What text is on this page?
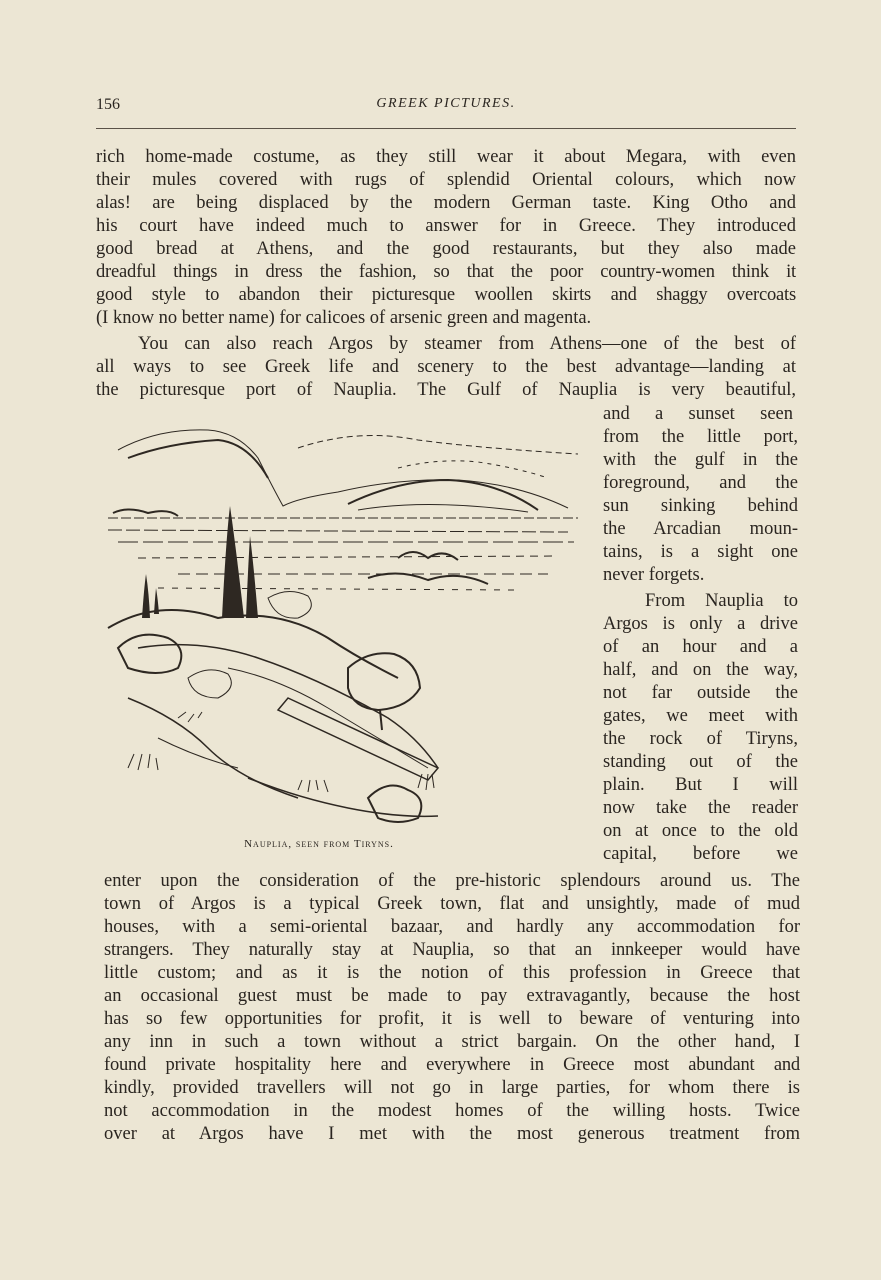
156	GREEK PICTURES.
rich home-made costume, as they still wear it about Megara, with even
their mules covered with rugs of splendid Oriental colours, which now
alas! are being displaced by the modern German taste. King Otho and
his court have indeed much to answer for in Greece. They introduced
good bread at Athens, and the good restaurants, but they also made
dreadful things in dress the fashion, so that the poor country-women think it
good style to abandon their picturesque woollen skirts and shaggy overcoats
(I know no better name) for calicoes of arsenic green and magenta.
You can also reach Argos by steamer from Athens—one of the best of
all ways to see Greek life and scenery to the best advantage—landing at
the picturesque port of Nauplia. The Gulf of Nauplia is very beautiful,
Nauplia, seen from Tiryns.
and a sunset seen
from the little port,
with the gulf in the
foreground, and the
sun sinking behind
the Arcadian moun-
tains, is a sight one
never forgets.
From Nauplia to
Argos is only a drive
of an hour and a
half, and on the way,
not far outside the
gates, we meet with
the rock of Tiryns,
standing out of the
plain. But I will
now take the reader
on at once to the old
capital, before we
enter upon the consideration of the pre-historic splendours around us. The
town of Argos is a typical Greek town, flat and unsightly, made of mud
houses, with a semi-oriental bazaar, and hardly any accommodation for
strangers. They naturally stay at Nauplia, so that an innkeeper would have
little custom; and as it is the notion of this profession in Greece that
an occasional guest must be made to pay extravagantly, because the host
has so few opportunities for profit, it is well to beware of venturing into
any inn in such a town without a strict bargain. On the other hand, I
found private hospitality here and everywhere in Greece most abundant and
kindly, provided travellers will not go in large parties, for whom there is
not accommodation in the modest homes of the willing hosts. Twice
over at Argos have I met with the most generous treatment from
